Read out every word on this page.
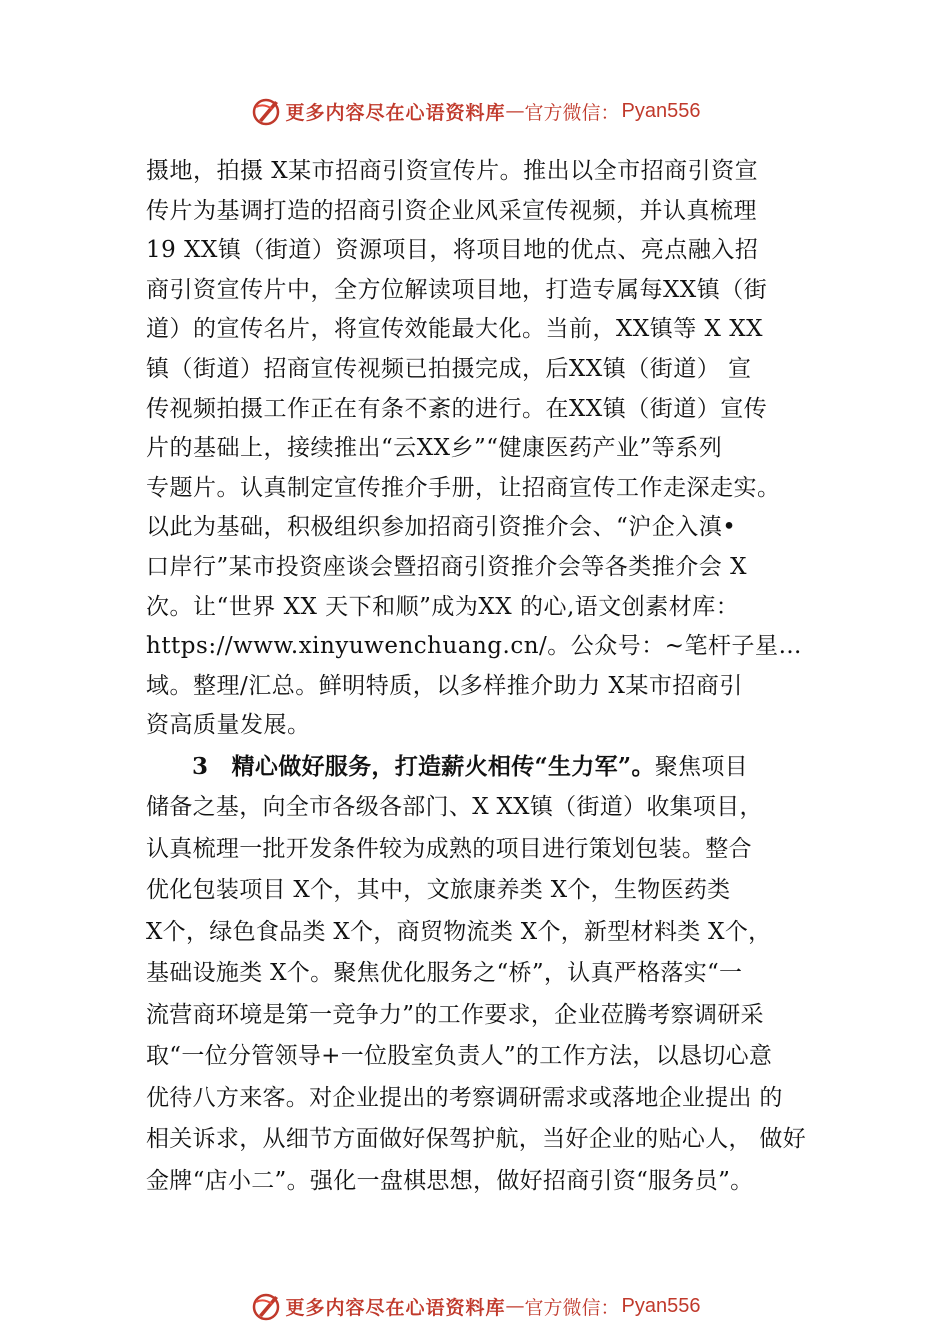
更多内容尽在心语资料库 — 官方微信： Pyan556
摄地，拍摄 X某市招商引资宣传片。推出以全市招商引资宣
传片为基调打造的招商引资企业风采宣传视频，并认真梳理
19 XX镇（街道）资源项目，将项目地的优点、亮点融入招
商引资宣传片中，全方位解读项目地，打造专属每XX镇（街
道）的宣传名片，将宣传效能最大化。当前，XX镇等 X XX
镇（街道）招商宣传视频已拍摄完成，后XX镇（街道） 宣
传视频拍摄工作正在有条不紊的进行。在XX镇（街道）宣传
片的基础上，接续推出“云XX乡”“健康医药产业”等系列
专题片。认真制定宣传推介手册，让招商宣传工作走深走实。
以此为基础，积极组织参加招商引资推介会、“沪企入滇•
口岸行”某市投资座谈会暨招商引资推介会等各类推介会 X
次。让“世界 XX 天下和顺”成为XX 的心,语文创素材库：
https://www.xinyuwenchuang.cn/。公众号：~笔杆子星…
域。整理/汇总。鲜明特质，以多样推介助力 X某市招商引
资高质量发展。
3　精心做好服务，打造薪火相传“生力军”。聚焦项目
储备之基，向全市各级各部门、X XX镇（街道）收集项目，
认真梳理一批开发条件较为成熟的项目进行策划包装。整合
优化包装项目 X个，其中，文旅康养类 X个，生物医药类
X个，绿色食品类 X个，商贸物流类 X个，新型材料类 X个，
基础设施类 X个。聚焦优化服务之“桥”，认真严格落实“一
流营商环境是第一竞争力”的工作要求，企业莅腾考察调研采
取“一位分管领导+一位股室负责人”的工作方法，以恳切心意
优待八方来客。对企业提出的考察调研需求或落地企业提出 的
相关诉求，从细节方面做好保驾护航，当好企业的贴心人， 做好
金牌“店小二”。强化一盘棋思想，做好招商引资“服务员”。
更多内容尽在心语资料库 — 官方微信： Pyan556
